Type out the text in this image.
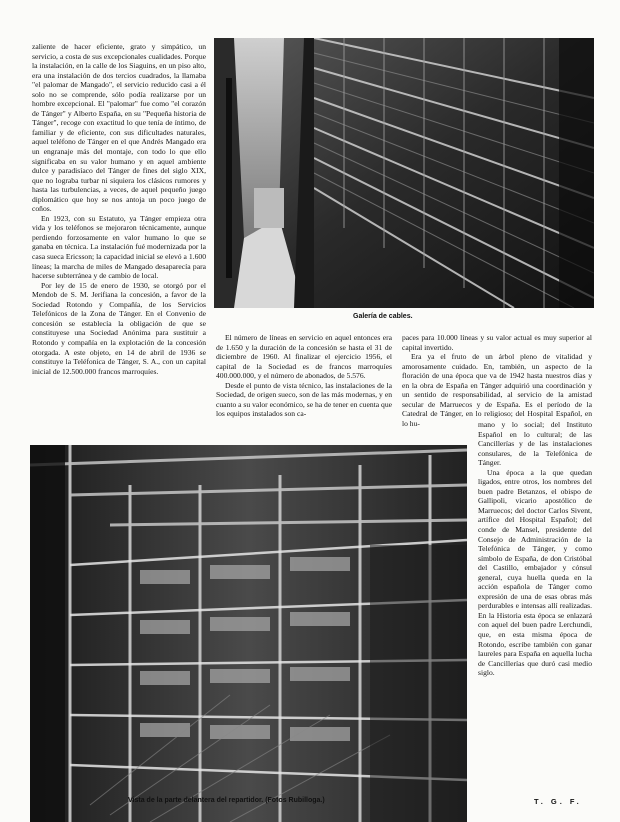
zaliente de hacer eficiente, grato y simpático, un servicio, a costa de sus excepcionales cualidades. Porque la instalación, en la calle de los Siaguins, en un piso alto, era una instalación de dos tercios cuadrados, la llamaba "el palomar de Mangado", el servicio reducido casi a él solo no se comprende, sólo podía realizarse por un hombre excepcional. El "palomar" fue como "el corazón de Tánger" y Alberto España, en su "Pequeña historia de Tánger", recoge con exactitud lo que tenía de íntimo, de familiar y de eficiente, con sus dificultades naturales, aquel teléfono de Tánger en el que Andrés Mangado era un engranaje más del montaje, con todo lo que ello significaba en su valor humano y en aquel ambiente dulce y paradisíaco del Tánger de fines del siglo XIX, que no lograba turbar ni siquiera los clásicos rumores y hasta las turbulencias, a veces, de aquel pequeño juego diplomático que hoy se nos antoja un poco juego de coños.

En 1923, con su Estatuto, ya Tánger empieza otra vida y los teléfonos se mejoraron técnicamente, aunque perdiendo forzosamente en valor humano lo que se ganaba en técnica. La instalación fué modernizada por la casa sueca Ericsson; la capacidad inicial se elevó a 1.600 líneas; la marcha de miles de Mangado desaparecía para hacerse subterránea y de cambio de local.

Por ley de 15 de enero de 1930, se otorgó por el Mendob de S. M. Jerifiana la concesión, a favor de la Sociedad Rotondo y Compañía, de los Servicios Telefónicos de la Zona de Tánger. En el Convenio de concesión se establecía la obligación de que se constituyese una Sociedad Anónima para sustituir a Rotondo y compañía en la explotación de la concesión otorgada. A este objeto, en 14 de abril de 1936 se constituye la Teléfonica de Tánger, S. A., con un capital inicial de 12.500.000 francos marroquíes.

Galería de cables.

El número de líneas en servicio en aquel entonces era de 1.650 y la duración de la concesión se hasta el 31 de diciembre de 1960. Al finalizar el ejercicio 1956, el capital de la Sociedad es de francos marroquíes 400.000.000, y el número de abonados, de 5.576.

Desde el punto de vista técnico, las instalaciones de la Sociedad, de origen sueco, son de las más modernas, y en cuanto a su valor económico, se ha de tener en cuenta que los equipos instalados son ca-

paces para 10.000 líneas y su valor actual es muy superior al capital invertido.

Era ya el fruto de un árbol pleno de vitalidad y amorosamente cuidado. En, también, un aspecto de la floración de una época que va de 1942 hasta nuestros días y en la obra de España en Tánger adquirió una coordinación y un sentido de responsabilidad, al servicio de la amistad secular de Marruecos y de España. Es el período de la Catedral de Tánger, en lo religioso; del Hospital Español, en lo hu-

Vista de la parte delantera del repartidor. (Fotos Rubilloga.)

mano y lo social; del Instituto Español en lo cultural; de las Cancillerías y de las instalaciones consulares, de la Telefónica de Tánger.

Una época a la que quedan ligados, entre otros, los nombres del buen padre Betanzos, el obispo de Gallipoli, vicario apostólico de Marruecos; del doctor Carlos Sivent, artífice del Hospital Español; del conde de Mansel, presidente del Consejo de Administración de la Telefónica de Tánger, y como símbolo de España, de don Cristóbal del Castillo, embajador y cónsul general, cuya huella queda en la acción española de Tánger como expresión de una de esas obras más perdurables e intensas allí realizadas. En la Historia esta época se enlazará con aquel del buen padre Lerchundi, que, en esta misma época de Rotondo, escribe también con ganar laureles para España en aquella lucha de Cancillerías que duró casi medio siglo.

T. G. F.
